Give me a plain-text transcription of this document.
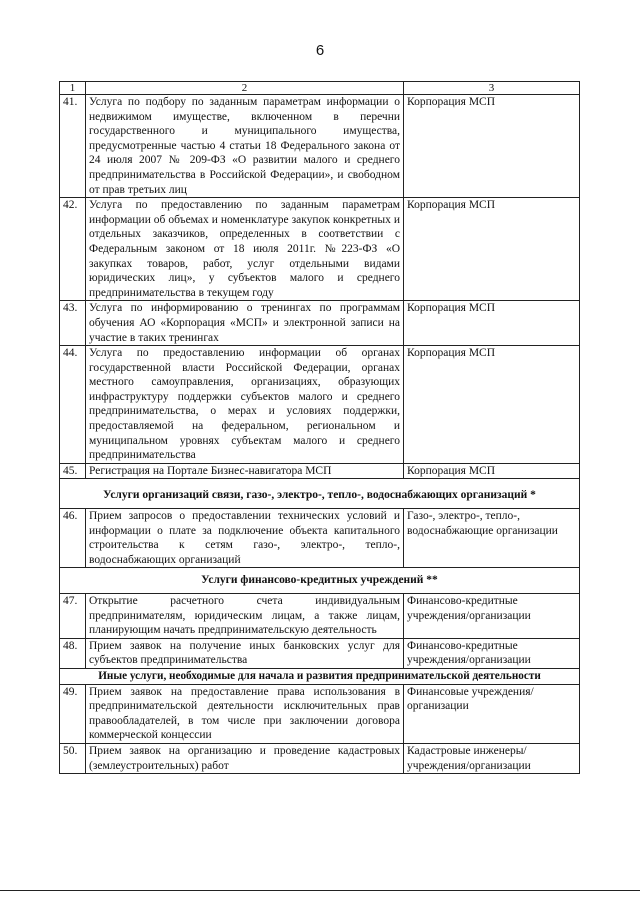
6
1	2	3
41.	Услуга по подбору по заданным параметрам информации о недвижимом имуществе, включенном в перечни государственного и муниципального имущества, предусмотренные частью 4 статьи 18 Федерального закона от 24 июля 2007 № 209-ФЗ «О развитии малого и среднего предпринимательства в Российской Федерации», и свободном от прав третьих лиц	Корпорация МСП
42.	Услуга по предоставлению по заданным параметрам информации об объемах и номенклатуре закупок конкретных и отдельных заказчиков, определенных в соответствии с Федеральным законом от 18 июля 2011г. №223-ФЗ «О закупках товаров, работ, услуг отдельными видами юридических лиц», у субъектов малого и среднего предпринимательства в текущем году	Корпорация МСП
43.	Услуга по информированию о тренингах по программам обучения АО «Корпорация «МСП» и электронной записи на участие в таких тренингах	Корпорация МСП
44.	Услуга по предоставлению информации об органах государственной власти Российской Федерации, органах местного самоуправления, организациях, образующих инфраструктуру поддержки субъектов малого и среднего предпринимательства, о мерах и условиях поддержки, предоставляемой на федеральном, региональном и муниципальном уровнях субъектам малого и среднего предпринимательства	Корпорация МСП
45.	Регистрация на Портале Бизнес-навигатора МСП	Корпорация МСП
Услуги организаций связи, газо-, электро-, тепло-, водоснабжающих организаций *		
46.	Прием запросов о предоставлении технических условий и информации о плате за подключение объекта капитального строительства к сетям газо-, электро-, тепло-, водоснабжающих организаций	Газо-, электро-, тепло-, водоснабжающие организации
Услуги финансово-кредитных учреждений **		
47.	Открытие расчетного счета индивидуальным предпринимателям, юридическим лицам, а также лицам, планирующим начать предпринимательскую деятельность	Финансово-кредитные учреждения/организации
48.	Прием заявок на получение иных банковских услуг для субъектов предпринимательства	Финансово-кредитные учреждения/организации
Иные услуги, необходимые для начала и развития предпринимательской деятельности		
49.	Прием заявок на предоставление права использования в предпринимательской деятельности исключительных прав правообладателей, в том числе при заключении договора коммерческой концессии	Финансовые учреждения/организации
50.	Прием заявок на организацию и проведение кадастровых (землеустроительных) работ	Кадастровые инженеры/ учреждения/организации
